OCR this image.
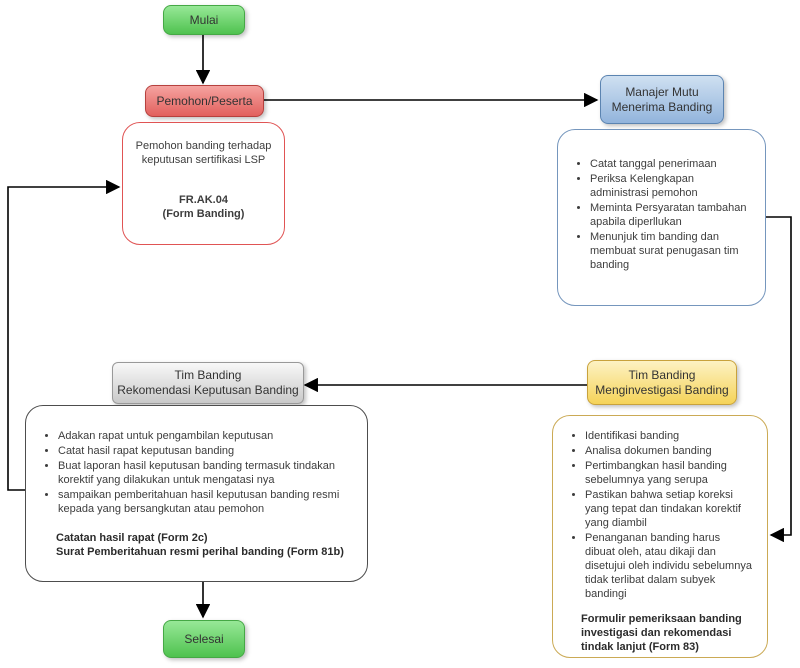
Mulai
Pemohon/Peserta
Pemohon banding terhadap keputusan sertifikasi LSP
FR.AK.04
(Form Banding)
Manajer Mutu
Menerima Banding
• Catat tanggal penerimaan
• Periksa Kelengkapan administrasi pemohon
• Meminta Persyaratan tambahan apabila diperllukan
• Menunjuk tim banding dan membuat surat penugasan tim banding
Tim Banding
Rekomendasi Keputusan Banding
Tim Banding
Menginvestigasi Banding
• Adakan rapat untuk pengambilan keputusan
• Catat hasil rapat keputusan banding
• Buat laporan hasil keputusan banding termasuk tindakan korektif yang dilakukan untuk mengatasi nya
• sampaikan pemberitahuan hasil keputusan banding resmi kepada yang bersangkutan atau pemohon
Catatan hasil rapat (Form 2c)
Surat Pemberitahuan resmi perihal banding (Form 81b)
• Identifikasi banding
• Analisa dokumen banding
• Pertimbangkan hasil banding sebelumnya yang serupa
• Pastikan bahwa setiap koreksi yang tepat dan tindakan korektif yang diambil
• Penanganan banding harus dibuat oleh, atau dikaji dan disetujui oleh individu sebelumnya tidak terlibat dalam subyek bandingi
Formulir pemeriksaan banding investigasi dan rekomendasi tindak lanjut (Form 83)
Selesai
